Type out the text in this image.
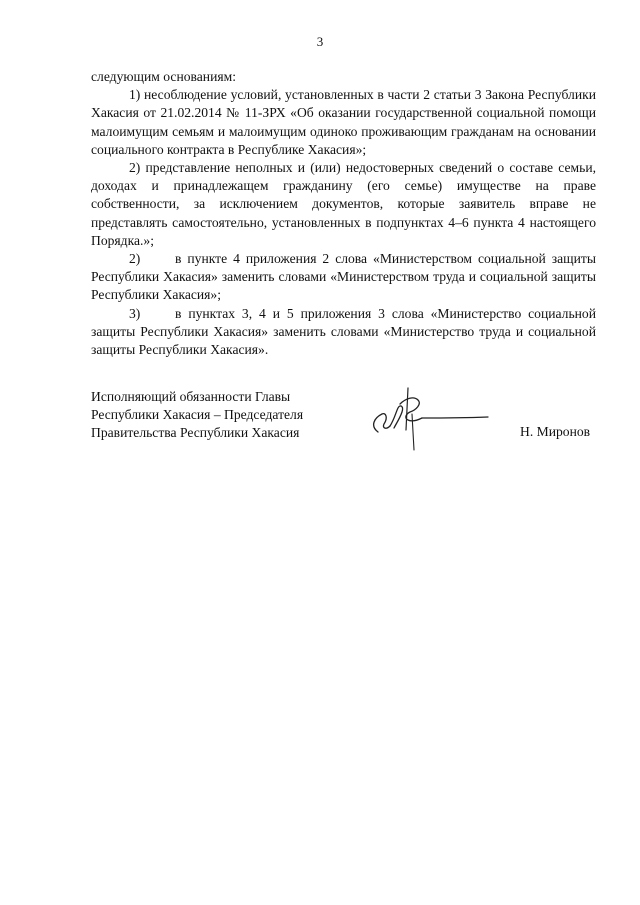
3

следующим основаниям:

1) несоблюдение условий, установленных в части 2 статьи 3 Закона Республики Хакасия от 21.02.2014 № 11-ЗРХ «Об оказании государственной социальной помощи малоимущим семьям и малоимущим одиноко проживающим гражданам на основании социального контракта в Республике Хакасия»;

2) представление неполных и (или) недостоверных сведений о составе семьи, доходах и принадлежащем гражданину (его семье) имуществе на праве собственности, за исключением документов, которые заявитель вправе не представлять самостоятельно, установленных в подпунктах 4–6 пункта 4 настоящего Порядка.»;

2)	в пункте 4 приложения 2 слова «Министерством социальной защиты Республики Хакасия» заменить словами «Министерством труда и социальной защиты Республики Хакасия»;

3)	в пунктах 3, 4 и 5 приложения 3 слова «Министерство социальной защиты Республики Хакасия» заменить словами «Министерство труда и социальной защиты Республики Хакасия».

Исполняющий обязанности Главы
Республики Хакасия – Председателя
Правительства Республики Хакасия	Н. Миронов
